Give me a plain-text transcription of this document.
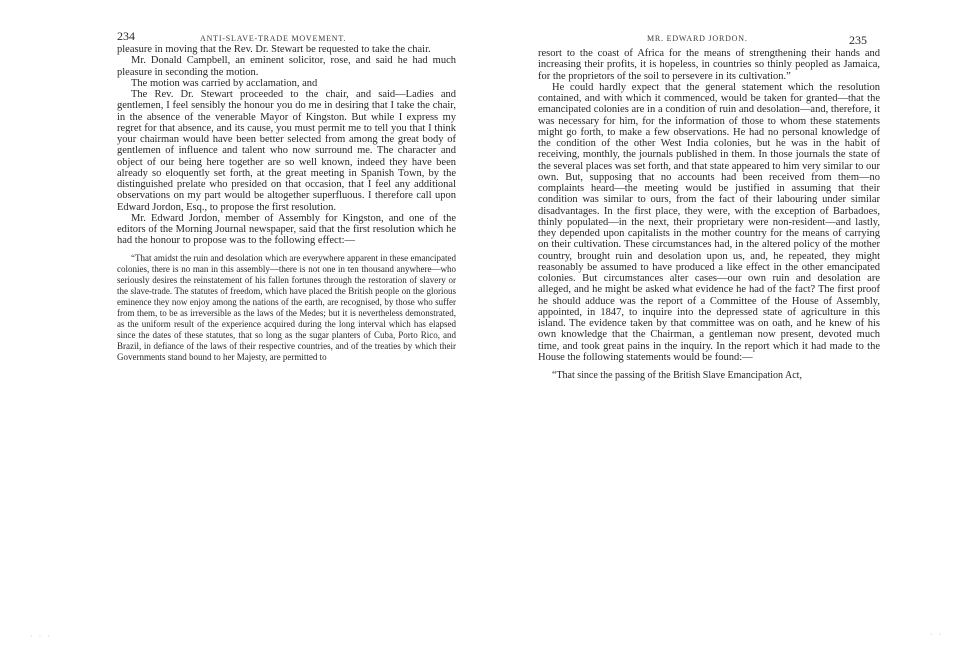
234	ANTI-SLAVE-TRADE MOVEMENT.

pleasure in moving that the Rev. Dr. Stewart be requested to take the chair.

Mr. Donald Campbell, an eminent solicitor, rose, and said he had much pleasure in seconding the motion.

The motion was carried by acclamation, and

The Rev. Dr. Stewart proceeded to the chair, and said—Ladies and gentlemen, I feel sensibly the honour you do me in desiring that I take the chair, in the absence of the venerable Mayor of Kingston. But while I express my regret for that absence, and its cause, you must permit me to tell you that I think your chairman would have been better selected from among the great body of gentlemen of influence and talent who now surround me. The character and object of our being here together are so well known, indeed they have been already so eloquently set forth, at the great meeting in Spanish Town, by the distinguished prelate who presided on that occasion, that I feel any additional observations on my part would be altogether superfluous. I therefore call upon Edward Jordon, Esq., to propose the first resolution.

Mr. Edward Jordon, member of Assembly for Kingston, and one of the editors of the Morning Journal newspaper, said that the first resolution which he had the honour to propose was to the following effect:—

“That amidst the ruin and desolation which are everywhere apparent in these emancipated colonies, there is no man in this assembly—there is not one in ten thousand anywhere—who seriously desires the reinstatement of his fallen fortunes through the restoration of slavery or the slave-trade. The statutes of freedom, which have placed the British people on the glorious eminence they now enjoy among the nations of the earth, are recognised, by those who suffer from them, to be as irreversible as the laws of the Medes; but it is nevertheless demonstrated, as the uniform result of the experience acquired during the long interval which has elapsed since the dates of these statutes, that so long as the sugar planters of Cuba, Porto Rico, and Brazil, in defiance of the laws of their respective countries, and of the treaties by which their Governments stand bound to her Majesty, are permitted to

· · ·
MR. EDWARD JORDON.	235

resort to the coast of Africa for the means of strengthening their hands and increasing their profits, it is hopeless, in countries so thinly peopled as Jamaica, for the proprietors of the soil to persevere in its cultivation.”

He could hardly expect that the general statement which the resolution contained, and with which it commenced, would be taken for granted—that the emancipated colonies are in a condition of ruin and desolation—and, therefore, it was necessary for him, for the information of those to whom these statements might go forth, to make a few observations. He had no personal knowledge of the condition of the other West India colonies, but he was in the habit of receiving, monthly, the journals published in them. In those journals the state of the several places was set forth, and that state appeared to him very similar to our own. But, supposing that no accounts had been received from them—no complaints heard—the meeting would be justified in assuming that their condition was similar to ours, from the fact of their labouring under similar disadvantages. In the first place, they were, with the exception of Barbadoes, thinly populated—in the next, their proprietary were non-resident—and lastly, they depended upon capitalists in the mother country for the means of carrying on their cultivation. These circumstances had, in the altered policy of the mother country, brought ruin and desolation upon us, and, he repeated, they might reasonably be assumed to have produced a like effect in the other emancipated colonies. But circumstances alter cases—our own ruin and desolation are alleged, and he might be asked what evidence he had of the fact? The first proof he should adduce was the report of a Committee of the House of Assembly, appointed, in 1847, to inquire into the depressed state of agriculture in this island. The evidence taken by that committee was on oath, and he knew of his own knowledge that the Chairman, a gentleman now present, devoted much time, and took great pains in the inquiry. In the report which it had made to the House the following statements would be found:—

“That since the passing of the British Slave Emancipation Act,

· ·
